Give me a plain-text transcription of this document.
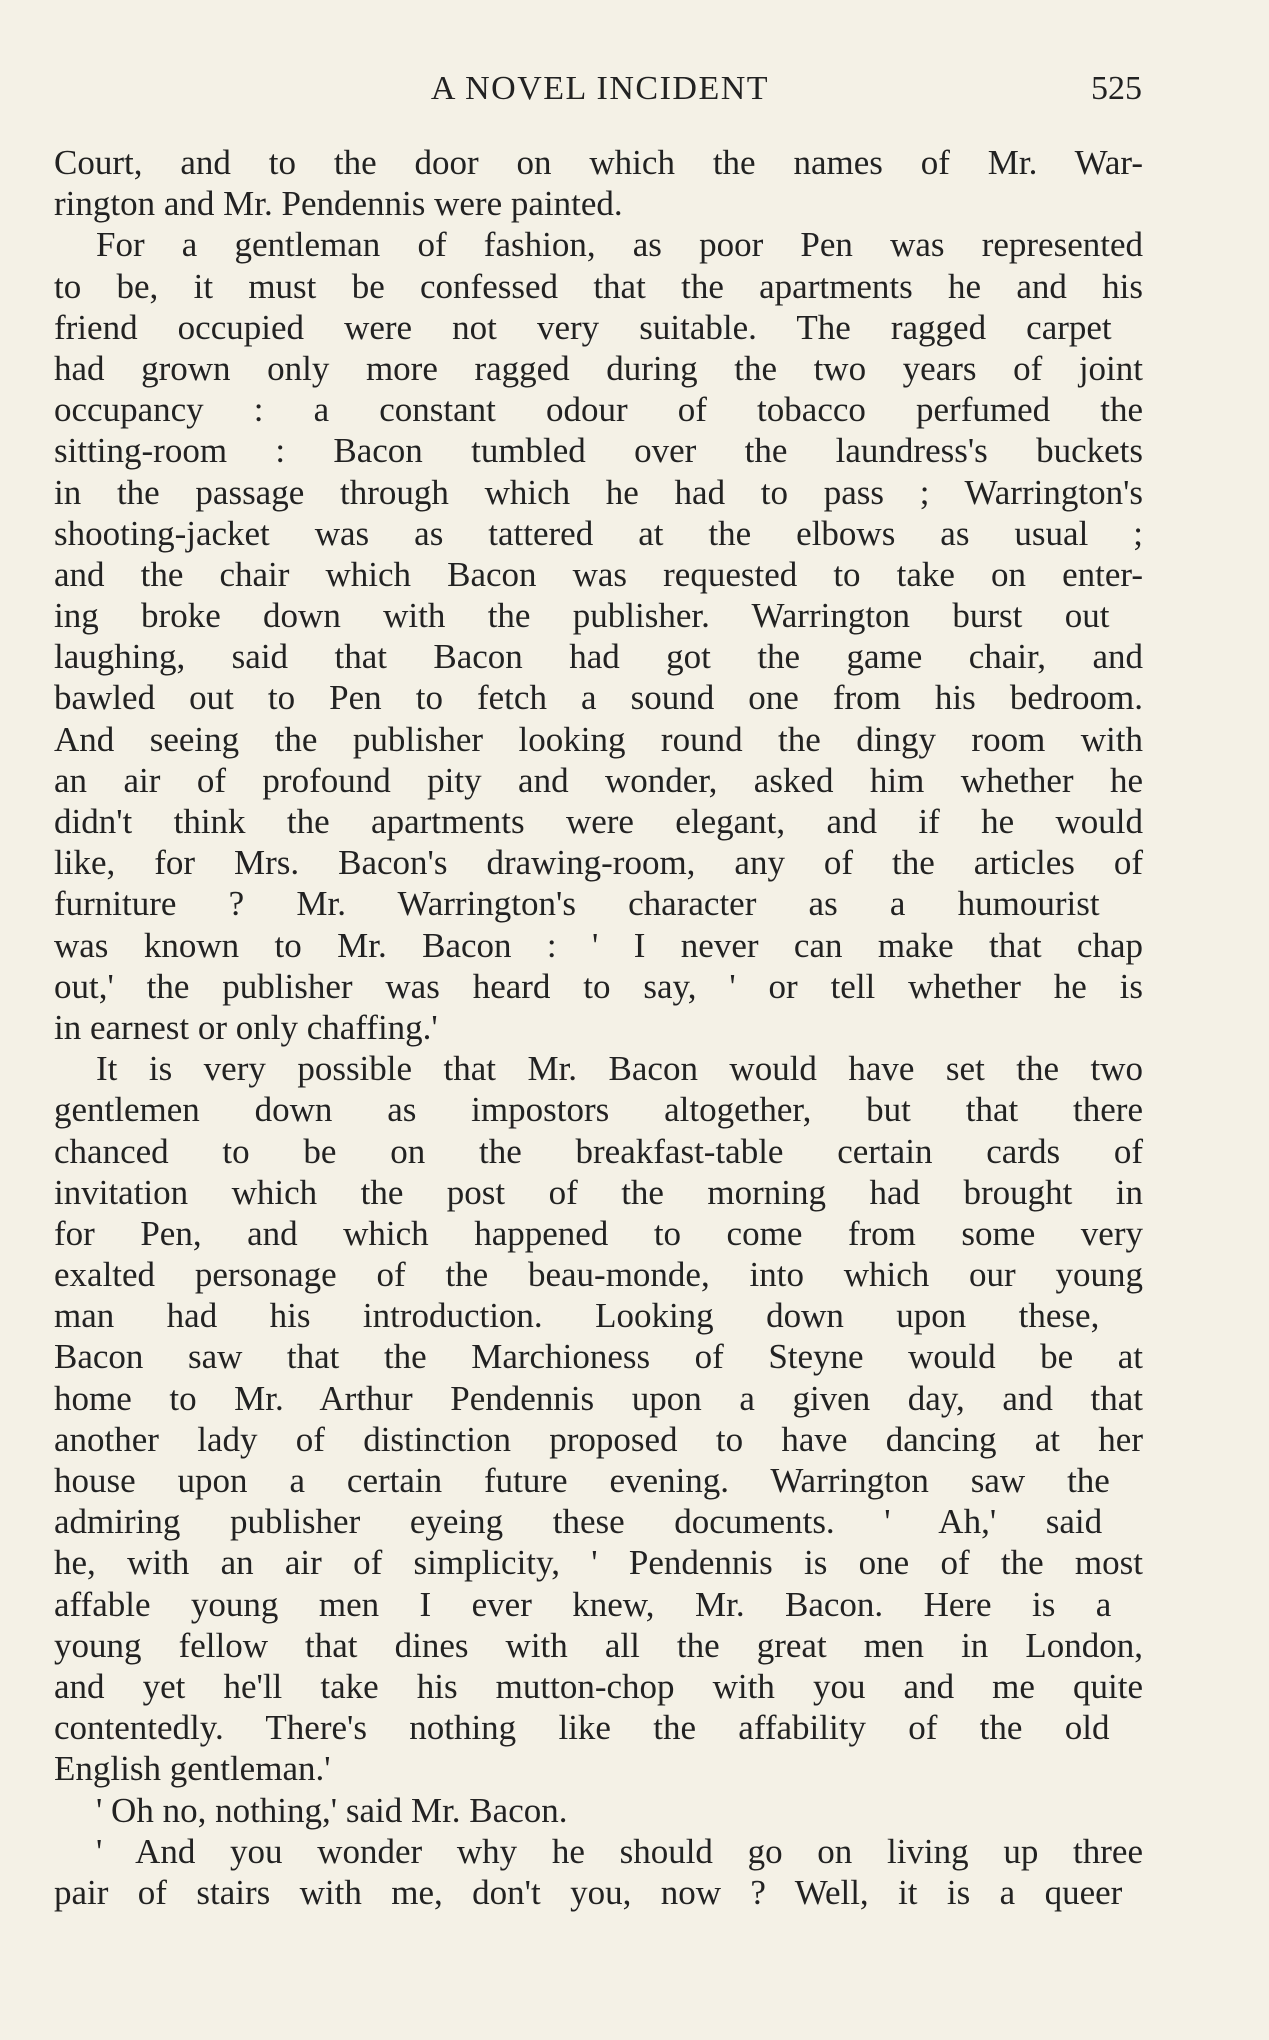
A NOVEL INCIDENT	525
Court, and to the door on which the names of Mr. War-
rington and Mr. Pendennis were painted.
For a gentleman of fashion, as poor Pen was represented
to be, it must be confessed that the apartments he and his
friend occupied were not very suitable. The ragged carpet
had grown only more ragged during the two years of joint
occupancy : a constant odour of tobacco perfumed the
sitting-room : Bacon tumbled over the laundress's buckets
in the passage through which he had to pass ; Warrington's
shooting-jacket was as tattered at the elbows as usual ;
and the chair which Bacon was requested to take on enter-
ing broke down with the publisher. Warrington burst out
laughing, said that Bacon had got the game chair, and
bawled out to Pen to fetch a sound one from his bedroom.
And seeing the publisher looking round the dingy room with
an air of profound pity and wonder, asked him whether he
didn't think the apartments were elegant, and if he would
like, for Mrs. Bacon's drawing-room, any of the articles of
furniture ? Mr. Warrington's character as a humourist
was known to Mr. Bacon : ' I never can make that chap
out,' the publisher was heard to say, ' or tell whether he is
in earnest or only chaffing.'
It is very possible that Mr. Bacon would have set the two
gentlemen down as impostors altogether, but that there
chanced to be on the breakfast-table certain cards of
invitation which the post of the morning had brought in
for Pen, and which happened to come from some very
exalted personage of the beau-monde, into which our young
man had his introduction. Looking down upon these,
Bacon saw that the Marchioness of Steyne would be at
home to Mr. Arthur Pendennis upon a given day, and that
another lady of distinction proposed to have dancing at her
house upon a certain future evening. Warrington saw the
admiring publisher eyeing these documents. ' Ah,' said
he, with an air of simplicity, ' Pendennis is one of the most
affable young men I ever knew, Mr. Bacon. Here is a
young fellow that dines with all the great men in London,
and yet he'll take his mutton-chop with you and me quite
contentedly. There's nothing like the affability of the old
English gentleman.'
' Oh no, nothing,' said Mr. Bacon.
' And you wonder why he should go on living up three
pair of stairs with me, don't you, now ? Well, it is a queer
